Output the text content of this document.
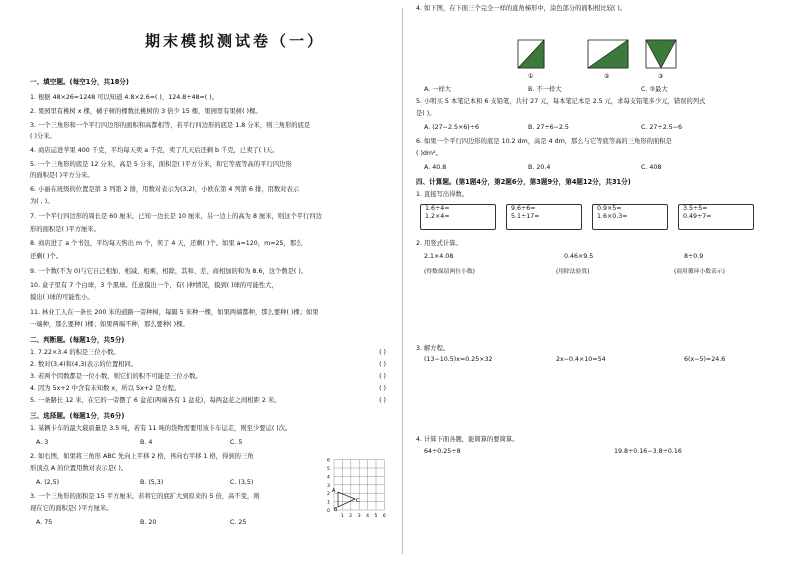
期末模拟测试卷（一）
一、填空题。(每空1分，共18分)
1. 根据 48×26=1248 可以知道 4.8×2.6=( )，124.8÷48=( )。
2. 果园里有桃树 x 棵，橘子树的棵数比桃树的 3 倍少 15 棵，果园里有果树( )棵。
3. 一个三角形和一个平行四边形的面积和高都相等，若平行四边形的底是 1.8 分米，则三角形的底是
( )分米。
4. 商店运进苹果 400 千克，平均每天卖 a 千克，卖了几天后还剩 b 千克，已卖了( )天。
5. 一个三角形的底是 12 分米，高是 5 分米，面积是( )平方分米，和它等底等高的平行四边形
的面积是( )平方分米。
6. 小丽在班级的位置是第 3 列第 2 排，用数对表示为(3,2)，小欧在第 4 列第 6 排，用数对表示
为( , )。
7. 一个平行四边形的周长是 60 厘米，已知一边长是 10 厘米，另一边上的高为 8 厘米，则这个平行四边
形的面积是( )平方厘米。
8. 商店进了 a 个书包，平均每天售出 m 个，卖了 4 天，还剩( )个。如果 a=120，m=25，那么
还剩( )个。
9. 一个数(不为 0)与它自己相加、相减、相乘，相除，其和、差、商相加的和为 8.6，这个数是( )。
10. 盒子里有 7 个白球，3 个黑球。任意摸出一个，有( )种情况，摸到( )球的可能性大，
摸出( )球的可能性小。
11. 林业工人在一条长 200 米的道路一旁种树，每隔 5 米种一棵，如果两端都种，那么要种( )棵；如果
一端种，那么要种( )棵；如果两端不种，那么要种( )棵。
二、判断题。(每题1分，共5分)
1. 7.22×3.4 的积是三位小数。	( )
2. 数对(3,4)和(4,3)表示的位置相同。	( )
3. 若两个因数都是一位小数，则它们的积不可能是三位小数。	( )
4. 因为 5x+2 中含有未知数 x，所以 5x+2 是方程。	( )
5. 一条路长 12 米，在它的一旁摆了 6 盆花(两端各有 1 盆花)，每两盆花之间相距 2 米。	( )
三、选择题。(每题1分，共6分)
1. 某辆卡车的最大载质量是 3.5 吨，若有 11 吨的货物需要用该卡车运走，则至少要运( )次。
A. 3	B. 4	C. 5
2. 如右图，如果将三角形 ABC 先向上平移 2 格，再向右平移 1 格，得到的三角
形顶点 A 的位置用数对表示是( )。
A. (2,5)	B. (5,3)	C. (3,5)
3. 一个三角形的面积是 15 平方厘米，若将它的底扩大到原来的 5 倍，高不变，则
现在它的面积是( )平方厘米。
A. 75	B. 20	C. 25
A
B
C
6
5
4
3
2
1
0
1 2 3 4 5 6
4. 如下图，在下面三个完全一样的直角梯形中，涂色部分的面积相比较( )。
①	②	③
A. 一样大	B. 不一样大	C. ③最大
5. 小明买 5 本笔记本和 6 支铅笔，共付 27 元，每本笔记本是 2.5 元，求每支铅笔多少元，错误的列式
是( )。
A. (27−2.5×6)÷6	B. 27÷6−2.5	C. 27÷2.5−6
6. 如果一个平行四边形的底是 10.2 dm，高是 4 dm，那么与它等底等高的三角形的面积是
( )dm²。
A. 40.8	B. 20.4	C. 408
四、计算题。(第1题4分，第2题6分，第3题9分，第4题12分，共31分)
1. 直接写出得数。
1.6÷4=
1.2×4=
9.6÷6=
5.1÷17=
0.9×5=
1.6×0.3=
3.5÷5=
0.49÷7=
2. 用竖式计算。
2.1×4.08	0.46×9.5	8÷0.9
(得数保留两位小数)	(用除法验算)	(商用循环小数表示)
3. 解方程。
(13−10.5)x=0.25×32	2x−0.4×10=54	6(x−5)=24.6
4. 计算下面各题，能简算的要简算。
64÷0.25÷8	19.8÷0.16−3.8÷0.16
